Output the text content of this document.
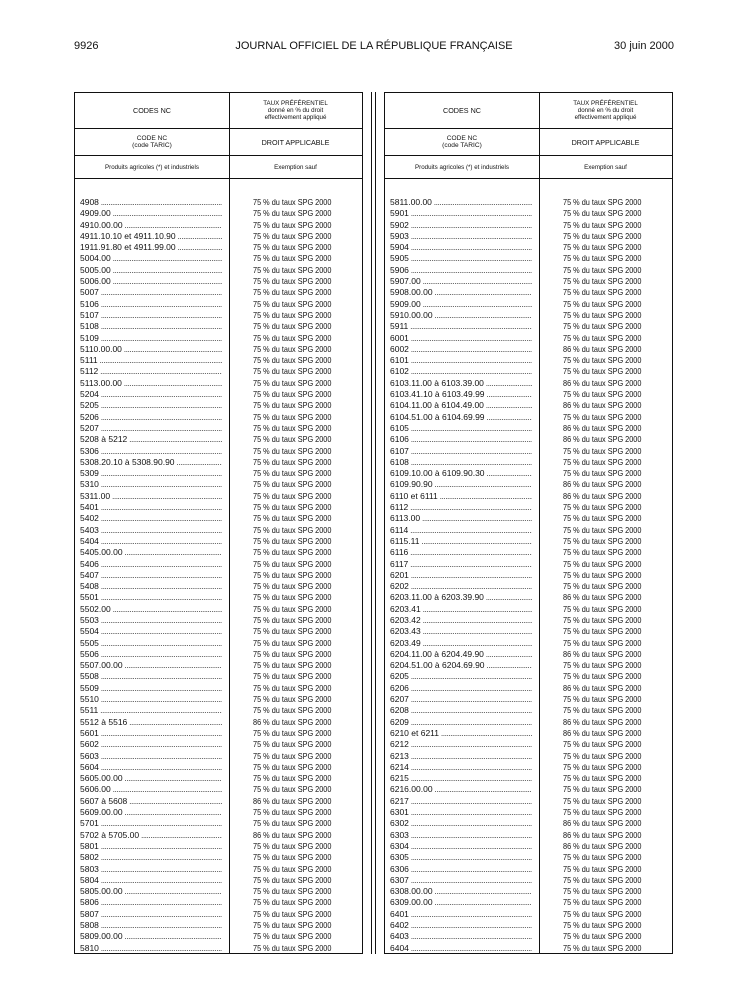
9926	JOURNAL OFFICIEL DE LA RÉPUBLIQUE FRANÇAISE	30 juin 2000
CODES NC
TAUX PRÉFÉRENTIEL
donné en % du droit
effectivement appliqué
CODE NC
(code TARIC)	DROIT APPLICABLE
Produits agricoles (*) et industriels	Exemption sauf
4908 .....	75 % du taux SPG 2000
4909.00 .....	75 % du taux SPG 2000
4910.00.00 .....	75 % du taux SPG 2000
4911.10.10 et 4911.10.90 .....	75 % du taux SPG 2000
1911.91.80 et 4911.99.00 .....	75 % du taux SPG 2000
5004.00 .....	75 % du taux SPG 2000
5005.00 .....	75 % du taux SPG 2000
5006.00 .....	75 % du taux SPG 2000
5007 .....	75 % du taux SPG 2000
5106 .....	75 % du taux SPG 2000
5107 .....	75 % du taux SPG 2000
5108 .....	75 % du taux SPG 2000
5109 .....	75 % du taux SPG 2000
5110.00.00 .....	75 % du taux SPG 2000
5111 .....	75 % du taux SPG 2000
5112 .....	75 % du taux SPG 2000
5113.00.00 .....	75 % du taux SPG 2000
5204 .....	75 % du taux SPG 2000
5205 .....	75 % du taux SPG 2000
5206 .....	75 % du taux SPG 2000
5207 .....	75 % du taux SPG 2000
5208 à 5212 .....	75 % du taux SPG 2000
5306 .....	75 % du taux SPG 2000
5308.20.10 à 5308.90.90 .....	75 % du taux SPG 2000
5309 .....	75 % du taux SPG 2000
5310 .....	75 % du taux SPG 2000
5311.00 .....	75 % du taux SPG 2000
5401 .....	75 % du taux SPG 2000
5402 .....	75 % du taux SPG 2000
5403 .....	75 % du taux SPG 2000
5404 .....	75 % du taux SPG 2000
5405.00.00 .....	75 % du taux SPG 2000
5406 .....	75 % du taux SPG 2000
5407 .....	75 % du taux SPG 2000
5408 .....	75 % du taux SPG 2000
5501 .....	75 % du taux SPG 2000
5502.00 .....	75 % du taux SPG 2000
5503 .....	75 % du taux SPG 2000
5504 .....	75 % du taux SPG 2000
5505 .....	75 % du taux SPG 2000
5506 .....	75 % du taux SPG 2000
5507.00.00 .....	75 % du taux SPG 2000
5508 .....	75 % du taux SPG 2000
5509 .....	75 % du taux SPG 2000
5510 .....	75 % du taux SPG 2000
5511 .....	75 % du taux SPG 2000
5512 à 5516 .....	86 % du taux SPG 2000
5601 .....	75 % du taux SPG 2000
5602 .....	75 % du taux SPG 2000
5603 .....	75 % du taux SPG 2000
5604 .....	75 % du taux SPG 2000
5605.00.00 .....	75 % du taux SPG 2000
5606.00 .....	75 % du taux SPG 2000
5607 à 5608 .....	86 % du taux SPG 2000
5609.00.00 .....	75 % du taux SPG 2000
5701 .....	75 % du taux SPG 2000
5702 à 5705.00 .....	86 % du taux SPG 2000
5801 .....	75 % du taux SPG 2000
5802 .....	75 % du taux SPG 2000
5803 .....	75 % du taux SPG 2000
5804 .....	75 % du taux SPG 2000
5805.00.00 .....	75 % du taux SPG 2000
5806 .....	75 % du taux SPG 2000
5807 .....	75 % du taux SPG 2000
5808 .....	75 % du taux SPG 2000
5809.00.00 .....	75 % du taux SPG 2000
5810 .....	75 % du taux SPG 2000
CODES NC
TAUX PRÉFÉRENTIEL
donné en % du droit
effectivement appliqué
CODE NC
(code TARIC)	DROIT APPLICABLE
Produits agricoles (*) et industriels	Exemption sauf
5811.00.00 .....	75 % du taux SPG 2000
5901 .....	75 % du taux SPG 2000
5902 .....	75 % du taux SPG 2000
5903 .....	75 % du taux SPG 2000
5904 .....	75 % du taux SPG 2000
5905 .....	75 % du taux SPG 2000
5906 .....	75 % du taux SPG 2000
5907.00 .....	75 % du taux SPG 2000
5908.00.00 .....	75 % du taux SPG 2000
5909.00 .....	75 % du taux SPG 2000
5910.00.00 .....	75 % du taux SPG 2000
5911 .....	75 % du taux SPG 2000
6001 .....	75 % du taux SPG 2000
6002 .....	86 % du taux SPG 2000
6101 .....	75 % du taux SPG 2000
6102 .....	75 % du taux SPG 2000
6103.11.00 à 6103.39.00 .....	86 % du taux SPG 2000
6103.41.10 à 6103.49.99 .....	75 % du taux SPG 2000
6104.11.00 à 6104.49.00 .....	86 % du taux SPG 2000
6104.51.00 à 6104.69.99 .....	75 % du taux SPG 2000
6105 .....	86 % du taux SPG 2000
6106 .....	86 % du taux SPG 2000
6107 .....	75 % du taux SPG 2000
6108 .....	75 % du taux SPG 2000
6109.10.00 à 6109.90.30 .....	75 % du taux SPG 2000
6109.90.90 .....	86 % du taux SPG 2000
6110 et 6111 .....	86 % du taux SPG 2000
6112 .....	75 % du taux SPG 2000
6113.00 .....	75 % du taux SPG 2000
6114 .....	75 % du taux SPG 2000
6115.11 .....	75 % du taux SPG 2000
6116 .....	75 % du taux SPG 2000
6117 .....	75 % du taux SPG 2000
6201 .....	75 % du taux SPG 2000
6202 .....	75 % du taux SPG 2000
6203.11.00 à 6203.39.90 .....	86 % du taux SPG 2000
6203.41 .....	75 % du taux SPG 2000
6203.42 .....	75 % du taux SPG 2000
6203.43 .....	75 % du taux SPG 2000
6203.49 .....	75 % du taux SPG 2000
6204.11.00 à 6204.49.90 .....	86 % du taux SPG 2000
6204.51.00 à 6204.69.90 .....	75 % du taux SPG 2000
6205 .....	75 % du taux SPG 2000
6206 .....	86 % du taux SPG 2000
6207 .....	75 % du taux SPG 2000
6208 .....	75 % du taux SPG 2000
6209 .....	86 % du taux SPG 2000
6210 et 6211 .....	86 % du taux SPG 2000
6212 .....	75 % du taux SPG 2000
6213 .....	75 % du taux SPG 2000
6214 .....	75 % du taux SPG 2000
6215 .....	75 % du taux SPG 2000
6216.00.00 .....	75 % du taux SPG 2000
6217 .....	75 % du taux SPG 2000
6301 .....	75 % du taux SPG 2000
6302 .....	86 % du taux SPG 2000
6303 .....	86 % du taux SPG 2000
6304 .....	86 % du taux SPG 2000
6305 .....	75 % du taux SPG 2000
6306 .....	75 % du taux SPG 2000
6307 .....	75 % du taux SPG 2000
6308.00.00 .....	75 % du taux SPG 2000
6309.00.00 .....	75 % du taux SPG 2000
6401 .....	75 % du taux SPG 2000
6402 .....	75 % du taux SPG 2000
6403 .....	75 % du taux SPG 2000
6404 .....	75 % du taux SPG 2000
